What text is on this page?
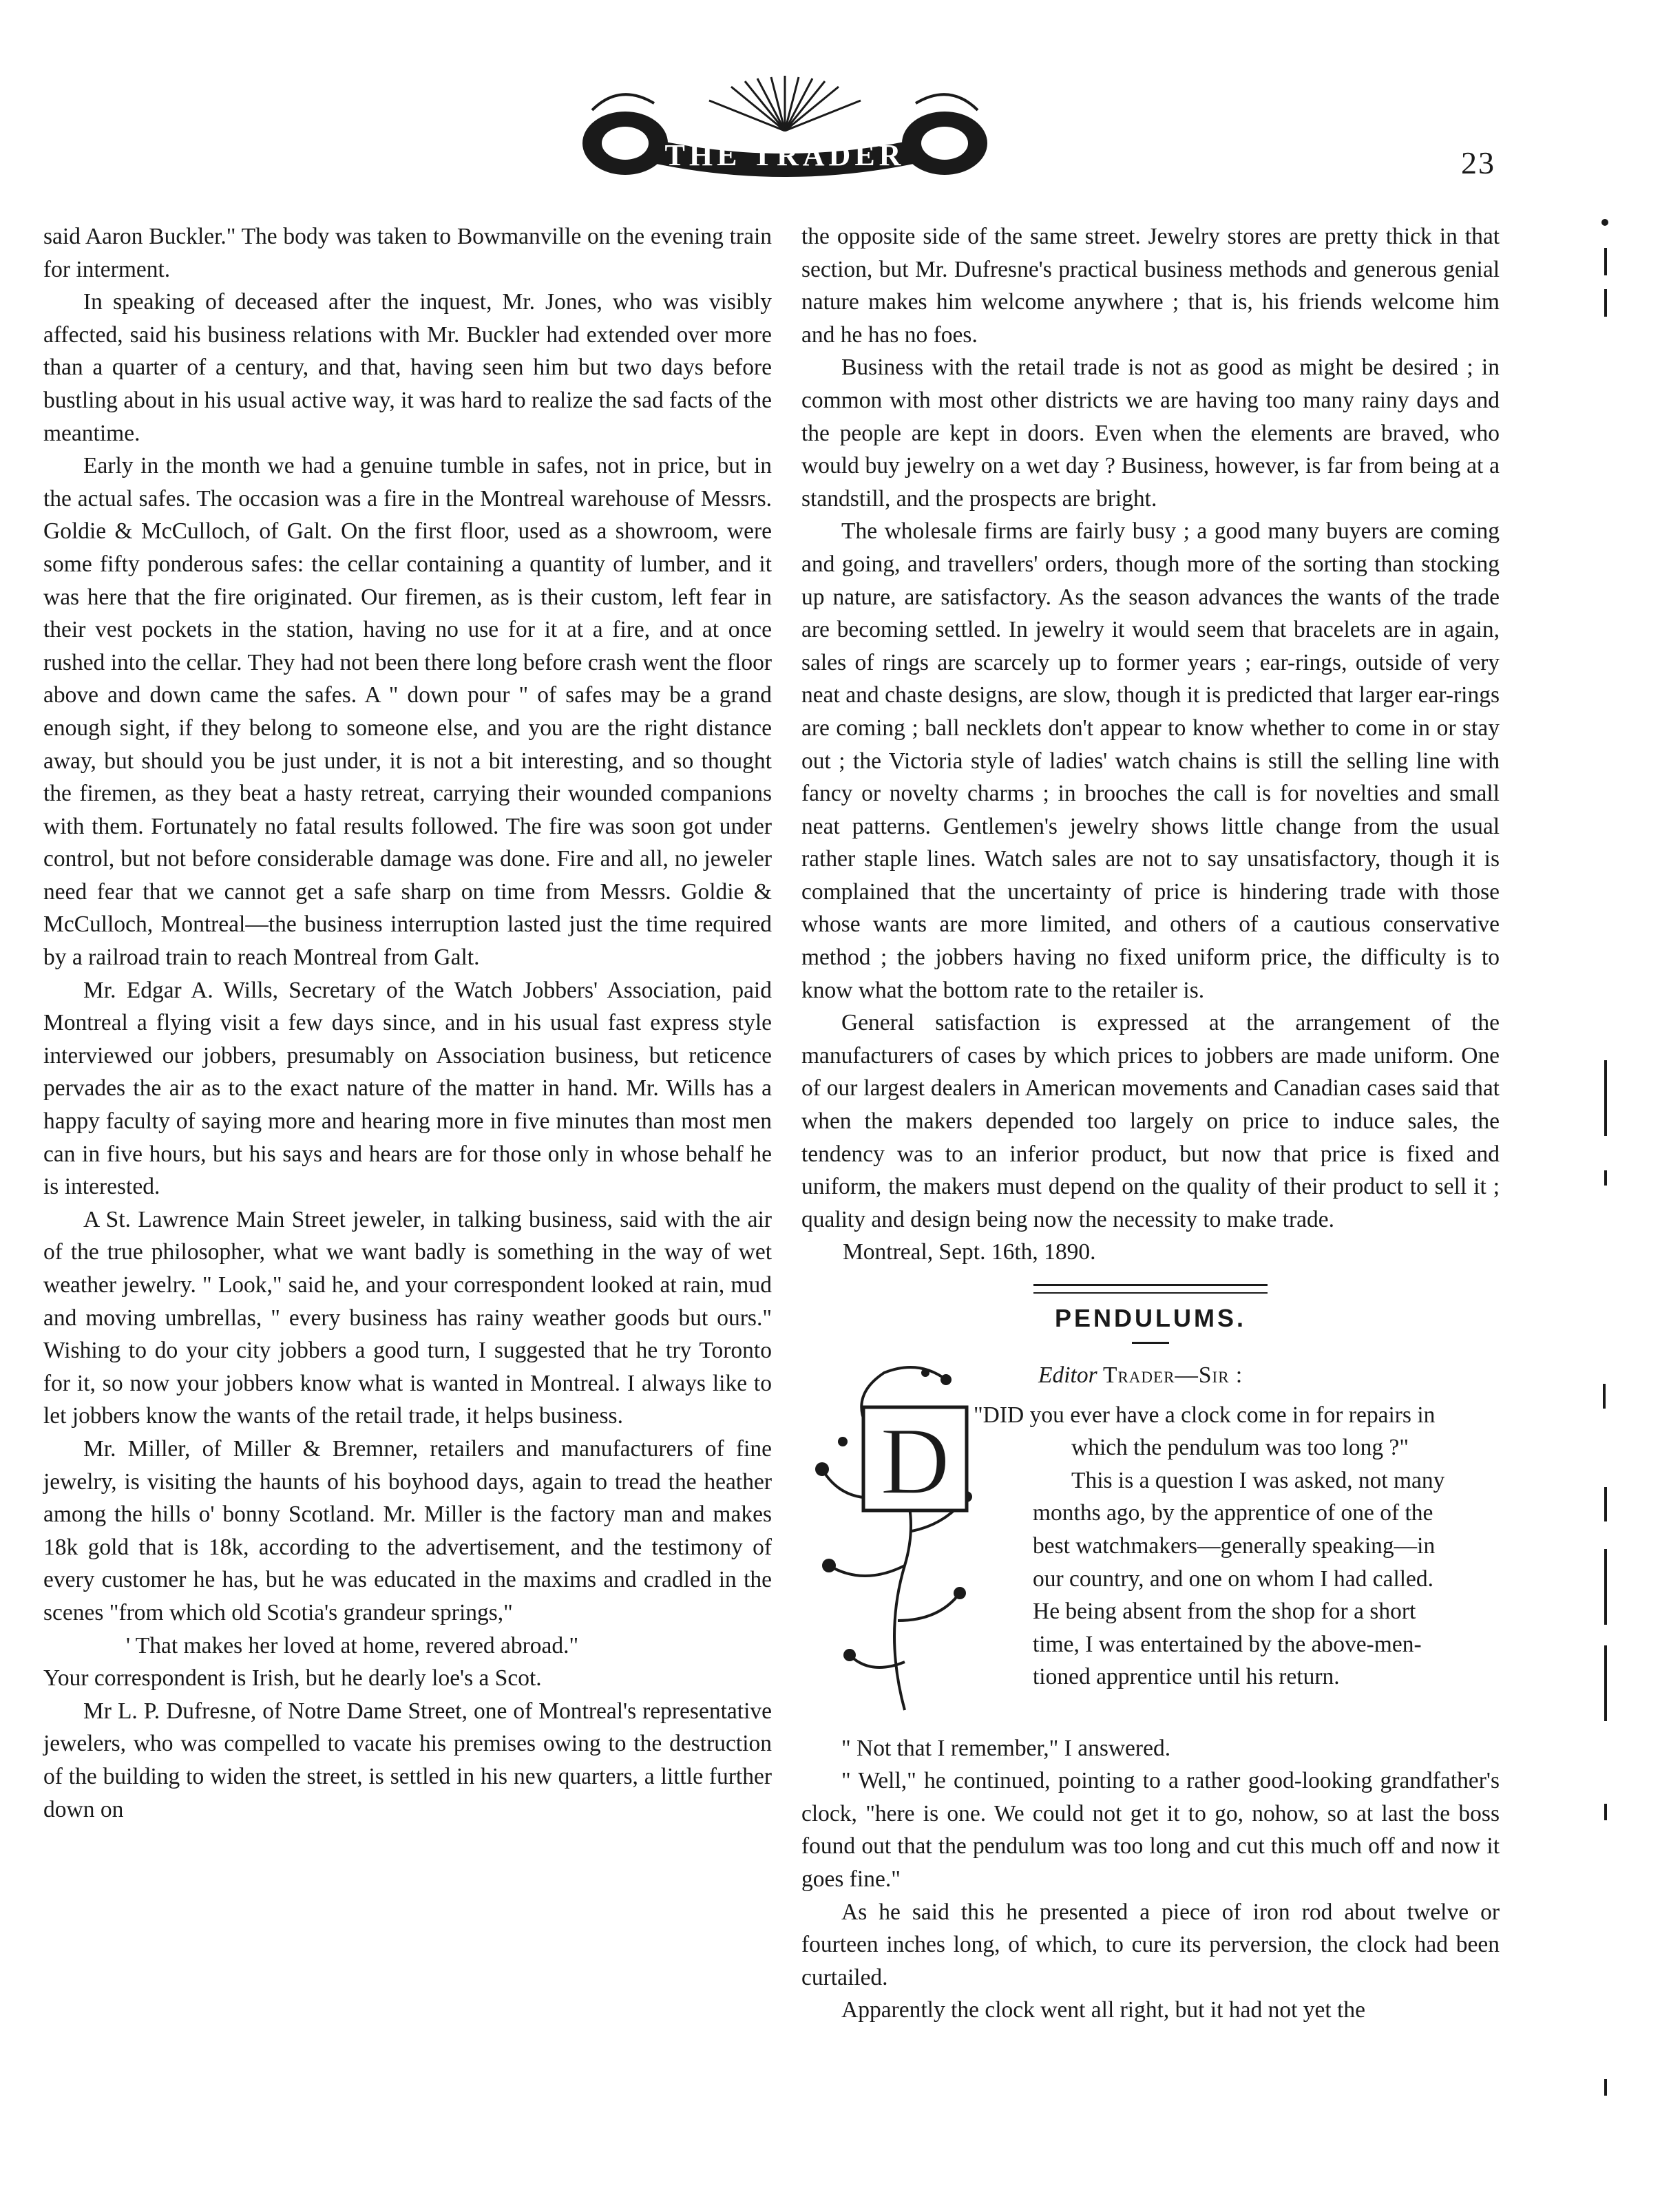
THE TRADER	23

said Aaron Buckler." The body was taken to Bowmanville on the evening train for interment.

In speaking of deceased after the inquest, Mr. Jones, who was visibly affected, said his business relations with Mr. Buckler had extended over more than a quarter of a century, and that, having seen him but two days before bustling about in his usual active way, it was hard to realize the sad facts of the meantime.

Early in the month we had a genuine tumble in safes, not in price, but in the actual safes. The occasion was a fire in the Montreal warehouse of Messrs. Goldie & McCulloch, of Galt. On the first floor, used as a showroom, were some fifty ponderous safes: the cellar containing a quantity of lumber, and it was here that the fire originated. Our firemen, as is their custom, left fear in their vest pockets in the station, having no use for it at a fire, and at once rushed into the cellar. They had not been there long before crash went the floor above and down came the safes. A " down pour " of safes may be a grand enough sight, if they belong to someone else, and you are the right distance away, but should you be just under, it is not a bit interesting, and so thought the firemen, as they beat a hasty retreat, carrying their wounded companions with them. Fortunately no fatal results followed. The fire was soon got under control, but not before considerable damage was done. Fire and all, no jeweler need fear that we cannot get a safe sharp on time from Messrs. Goldie & McCulloch, Montreal—the business interruption lasted just the time required by a railroad train to reach Montreal from Galt.

Mr. Edgar A. Wills, Secretary of the Watch Jobbers' Association, paid Montreal a flying visit a few days since, and in his usual fast express style interviewed our jobbers, presumably on Association business, but reticence pervades the air as to the exact nature of the matter in hand. Mr. Wills has a happy faculty of saying more and hearing more in five minutes than most men can in five hours, but his says and hears are for those only in whose behalf he is interested.

A St. Lawrence Main Street jeweler, in talking business, said with the air of the true philosopher, what we want badly is something in the way of wet weather jewelry. " Look," said he, and your correspondent looked at rain, mud and moving umbrellas, " every business has rainy weather goods but ours." Wishing to do your city jobbers a good turn, I suggested that he try Toronto for it, so now your jobbers know what is wanted in Montreal. I always like to let jobbers know the wants of the retail trade, it helps business.

Mr. Miller, of Miller & Bremner, retailers and manufacturers of fine jewelry, is visiting the haunts of his boyhood days, again to tread the heather among the hills o' bonny Scotland. Mr. Miller is the factory man and makes 18k gold that is 18k, according to the advertisement, and the testimony of every customer he has, but he was educated in the maxims and cradled in the scenes "from which old Scotia's grandeur springs,"

' That makes her loved at home, revered abroad."

Your correspondent is Irish, but he dearly loe's a Scot.

Mr L. P. Dufresne, of Notre Dame Street, one of Montreal's representative jewelers, who was compelled to vacate his premises owing to the destruction of the building to widen the street, is settled in his new quarters, a little further down on

the opposite side of the same street. Jewelry stores are pretty thick in that section, but Mr. Dufresne's practical business methods and generous genial nature makes him welcome anywhere ; that is, his friends welcome him and he has no foes.

Business with the retail trade is not as good as might be desired ; in common with most other districts we are having too many rainy days and the people are kept in doors. Even when the elements are braved, who would buy jewelry on a wet day ? Business, however, is far from being at a standstill, and the prospects are bright.

The wholesale firms are fairly busy ; a good many buyers are coming and going, and travellers' orders, though more of the sorting than stocking up nature, are satisfactory. As the season advances the wants of the trade are becoming settled. In jewelry it would seem that bracelets are in again, sales of rings are scarcely up to former years ; ear-rings, outside of very neat and chaste designs, are slow, though it is predicted that larger ear-rings are coming ; ball necklets don't appear to know whether to come in or stay out ; the Victoria style of ladies' watch chains is still the selling line with fancy or novelty charms ; in brooches the call is for novelties and small neat patterns. Gentlemen's jewelry shows little change from the usual rather staple lines. Watch sales are not to say unsatisfactory, though it is complained that the uncertainty of price is hindering trade with those whose wants are more limited, and others of a cautious conservative method ; the jobbers having no fixed uniform price, the difficulty is to know what the bottom rate to the retailer is.

General satisfaction is expressed at the arrangement of the manufacturers of cases by which prices to jobbers are made uniform. One of our largest dealers in American movements and Canadian cases said that when the makers depended too largely on price to induce sales, the tendency was to an inferior product, but now that price is fixed and uniform, the makers must depend on the quality of their product to sell it ; quality and design being now the necessity to make trade.

Montreal, Sept. 16th, 1890.

PENDULUMS.
D
Editor Trader—Sir :
"DID you ever have a clock come in for repairs in
which the pendulum was too long ?"
This is a question I was asked, not many
months ago, by the apprentice of one of the
best watchmakers—generally speaking—in
our country, and one on whom I had called.
He being absent from the shop for a short
time, I was entertained by the above-men-
tioned apprentice until his return.

" Not that I remember," I answered.

" Well," he continued, pointing to a rather good-looking grandfather's clock, "here is one. We could not get it to go, nohow, so at last the boss found out that the pendulum was too long and cut this much off and now it goes fine."

As he said this he presented a piece of iron rod about twelve or fourteen inches long, of which, to cure its perversion, the clock had been curtailed.

Apparently the clock went all right, but it had not yet the
